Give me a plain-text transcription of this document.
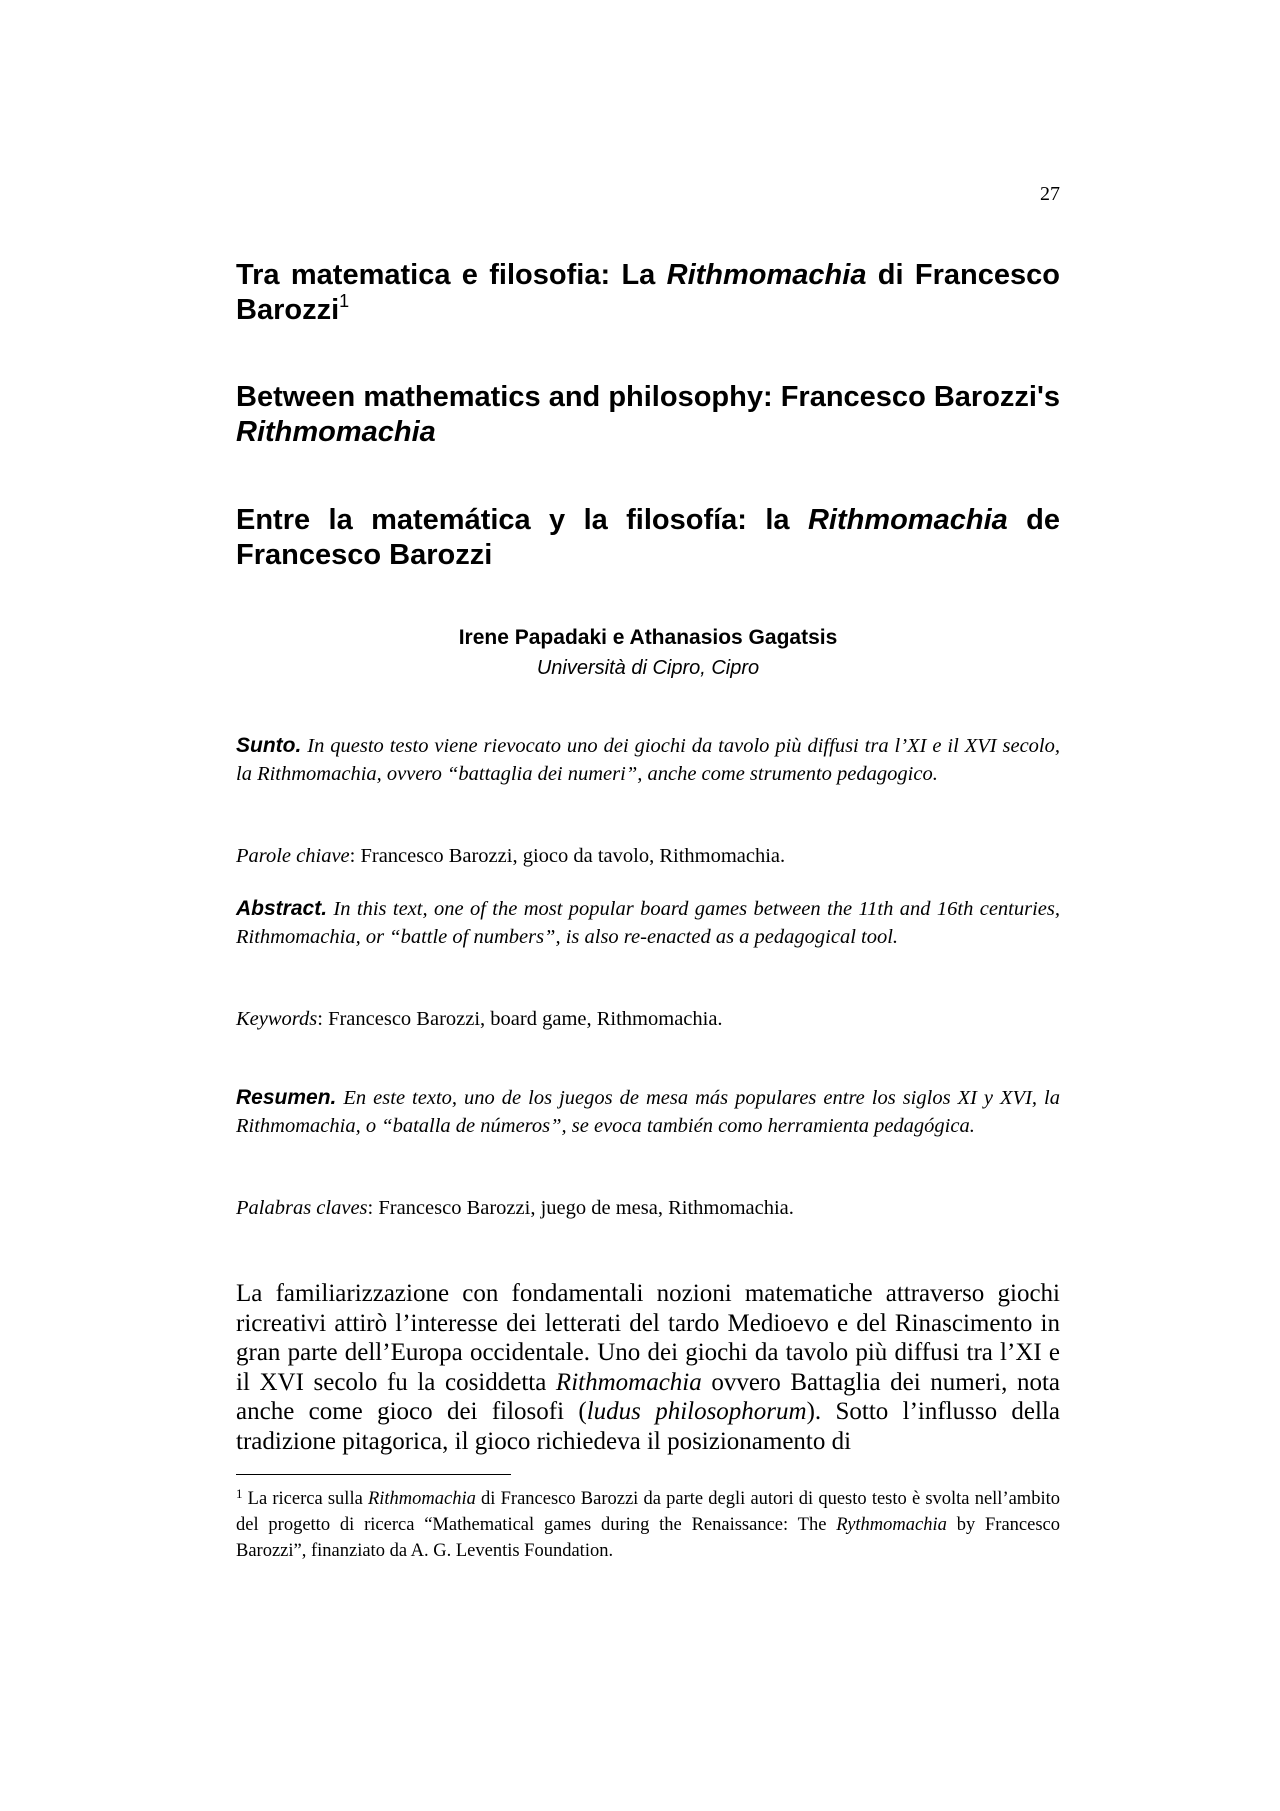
27
Tra matematica e filosofia: La Rithmomachia di Francesco Barozzi$^1$
Between mathematics and philosophy: Francesco Barozzi's Rithmomachia
Entre la matemática y la filosofía: la Rithmomachia de Francesco Barozzi
Irene Papadaki e Athanasios Gagatsis
Università di Cipro, Cipro

Sunto. In questo testo viene rievocato uno dei giochi da tavolo più diffusi tra l’XI e il XVI secolo, la Rithmomachia, ovvero “battaglia dei numeri”, anche come strumento pedagogico.

Parole chiave: Francesco Barozzi, gioco da tavolo, Rithmomachia.

Abstract. In this text, one of the most popular board games between the 11th and 16th centuries, Rithmomachia, or “battle of numbers”, is also re-enacted as a pedagogical tool.

Keywords: Francesco Barozzi, board game, Rithmomachia.

Resumen. En este texto, uno de los juegos de mesa más populares entre los siglos XI y XVI, la Rithmomachia, o “batalla de números”, se evoca también como herramienta pedagógica.

Palabras claves: Francesco Barozzi, juego de mesa, Rithmomachia.

La familiarizzazione con fondamentali nozioni matematiche attraverso giochi ricreativi attirò l’interesse dei letterati del tardo Medioevo e del Rinascimento in gran parte dell’Europa occidentale. Uno dei giochi da tavolo più diffusi tra l’XI e il XVI secolo fu la cosiddetta Rithmomachia ovvero Battaglia dei numeri, nota anche come gioco dei filosofi (ludus philosophorum). Sotto l’influsso della tradizione pitagorica, il gioco richiedeva il posizionamento di

$^1$ La ricerca sulla Rithmomachia di Francesco Barozzi da parte degli autori di questo testo è svolta nell’ambito del progetto di ricerca “Mathematical games during the Renaissance: The Rythmomachia by Francesco Barozzi”, finanziato da A. G. Leventis Foundation.
